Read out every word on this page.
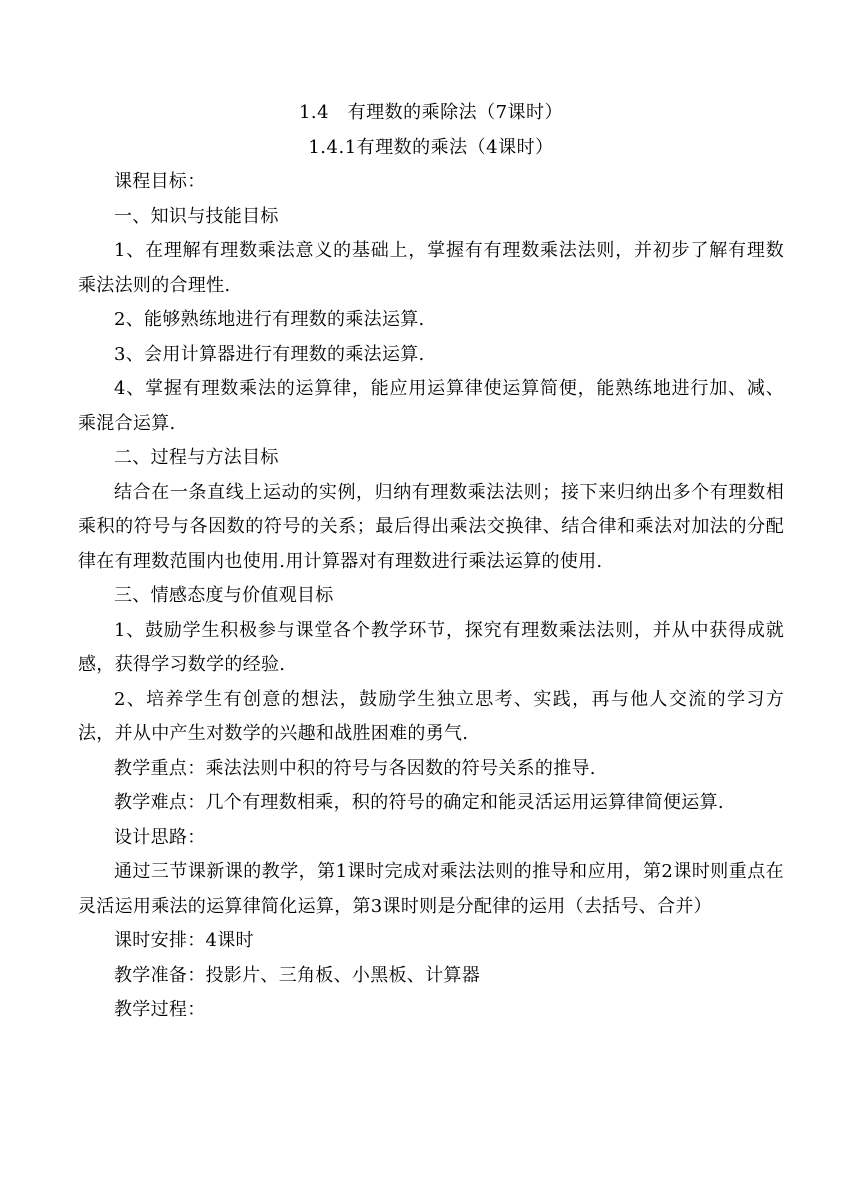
1.4　有理数的乘除法（7课时）
1.4.1有理数的乘法（4课时）

课程目标：

一、知识与技能目标

1、在理解有理数乘法意义的基础上，掌握有有理数乘法法则，并初步了解有理数乘法法则的合理性.

2、能够熟练地进行有理数的乘法运算.

3、会用计算器进行有理数的乘法运算.

4、掌握有理数乘法的运算律，能应用运算律使运算简便，能熟练地进行加、减、乘混合运算.

二、过程与方法目标

结合在一条直线上运动的实例，归纳有理数乘法法则；接下来归纳出多个有理数相乘积的符号与各因数的符号的关系；最后得出乘法交换律、结合律和乘法对加法的分配律在有理数范围内也使用.用计算器对有理数进行乘法运算的使用.

三、情感态度与价值观目标

1、鼓励学生积极参与课堂各个教学环节，探究有理数乘法法则，并从中获得成就感，获得学习数学的经验.

2、培养学生有创意的想法，鼓励学生独立思考、实践，再与他人交流的学习方法，并从中产生对数学的兴趣和战胜困难的勇气.

教学重点：乘法法则中积的符号与各因数的符号关系的推导.

教学难点：几个有理数相乘，积的符号的确定和能灵活运用运算律简便运算.

设计思路：

通过三节课新课的教学，第1课时完成对乘法法则的推导和应用，第2课时则重点在灵活运用乘法的运算律简化运算，第3课时则是分配律的运用（去括号、合并）

课时安排：4课时

教学准备：投影片、三角板、小黑板、计算器

教学过程：
